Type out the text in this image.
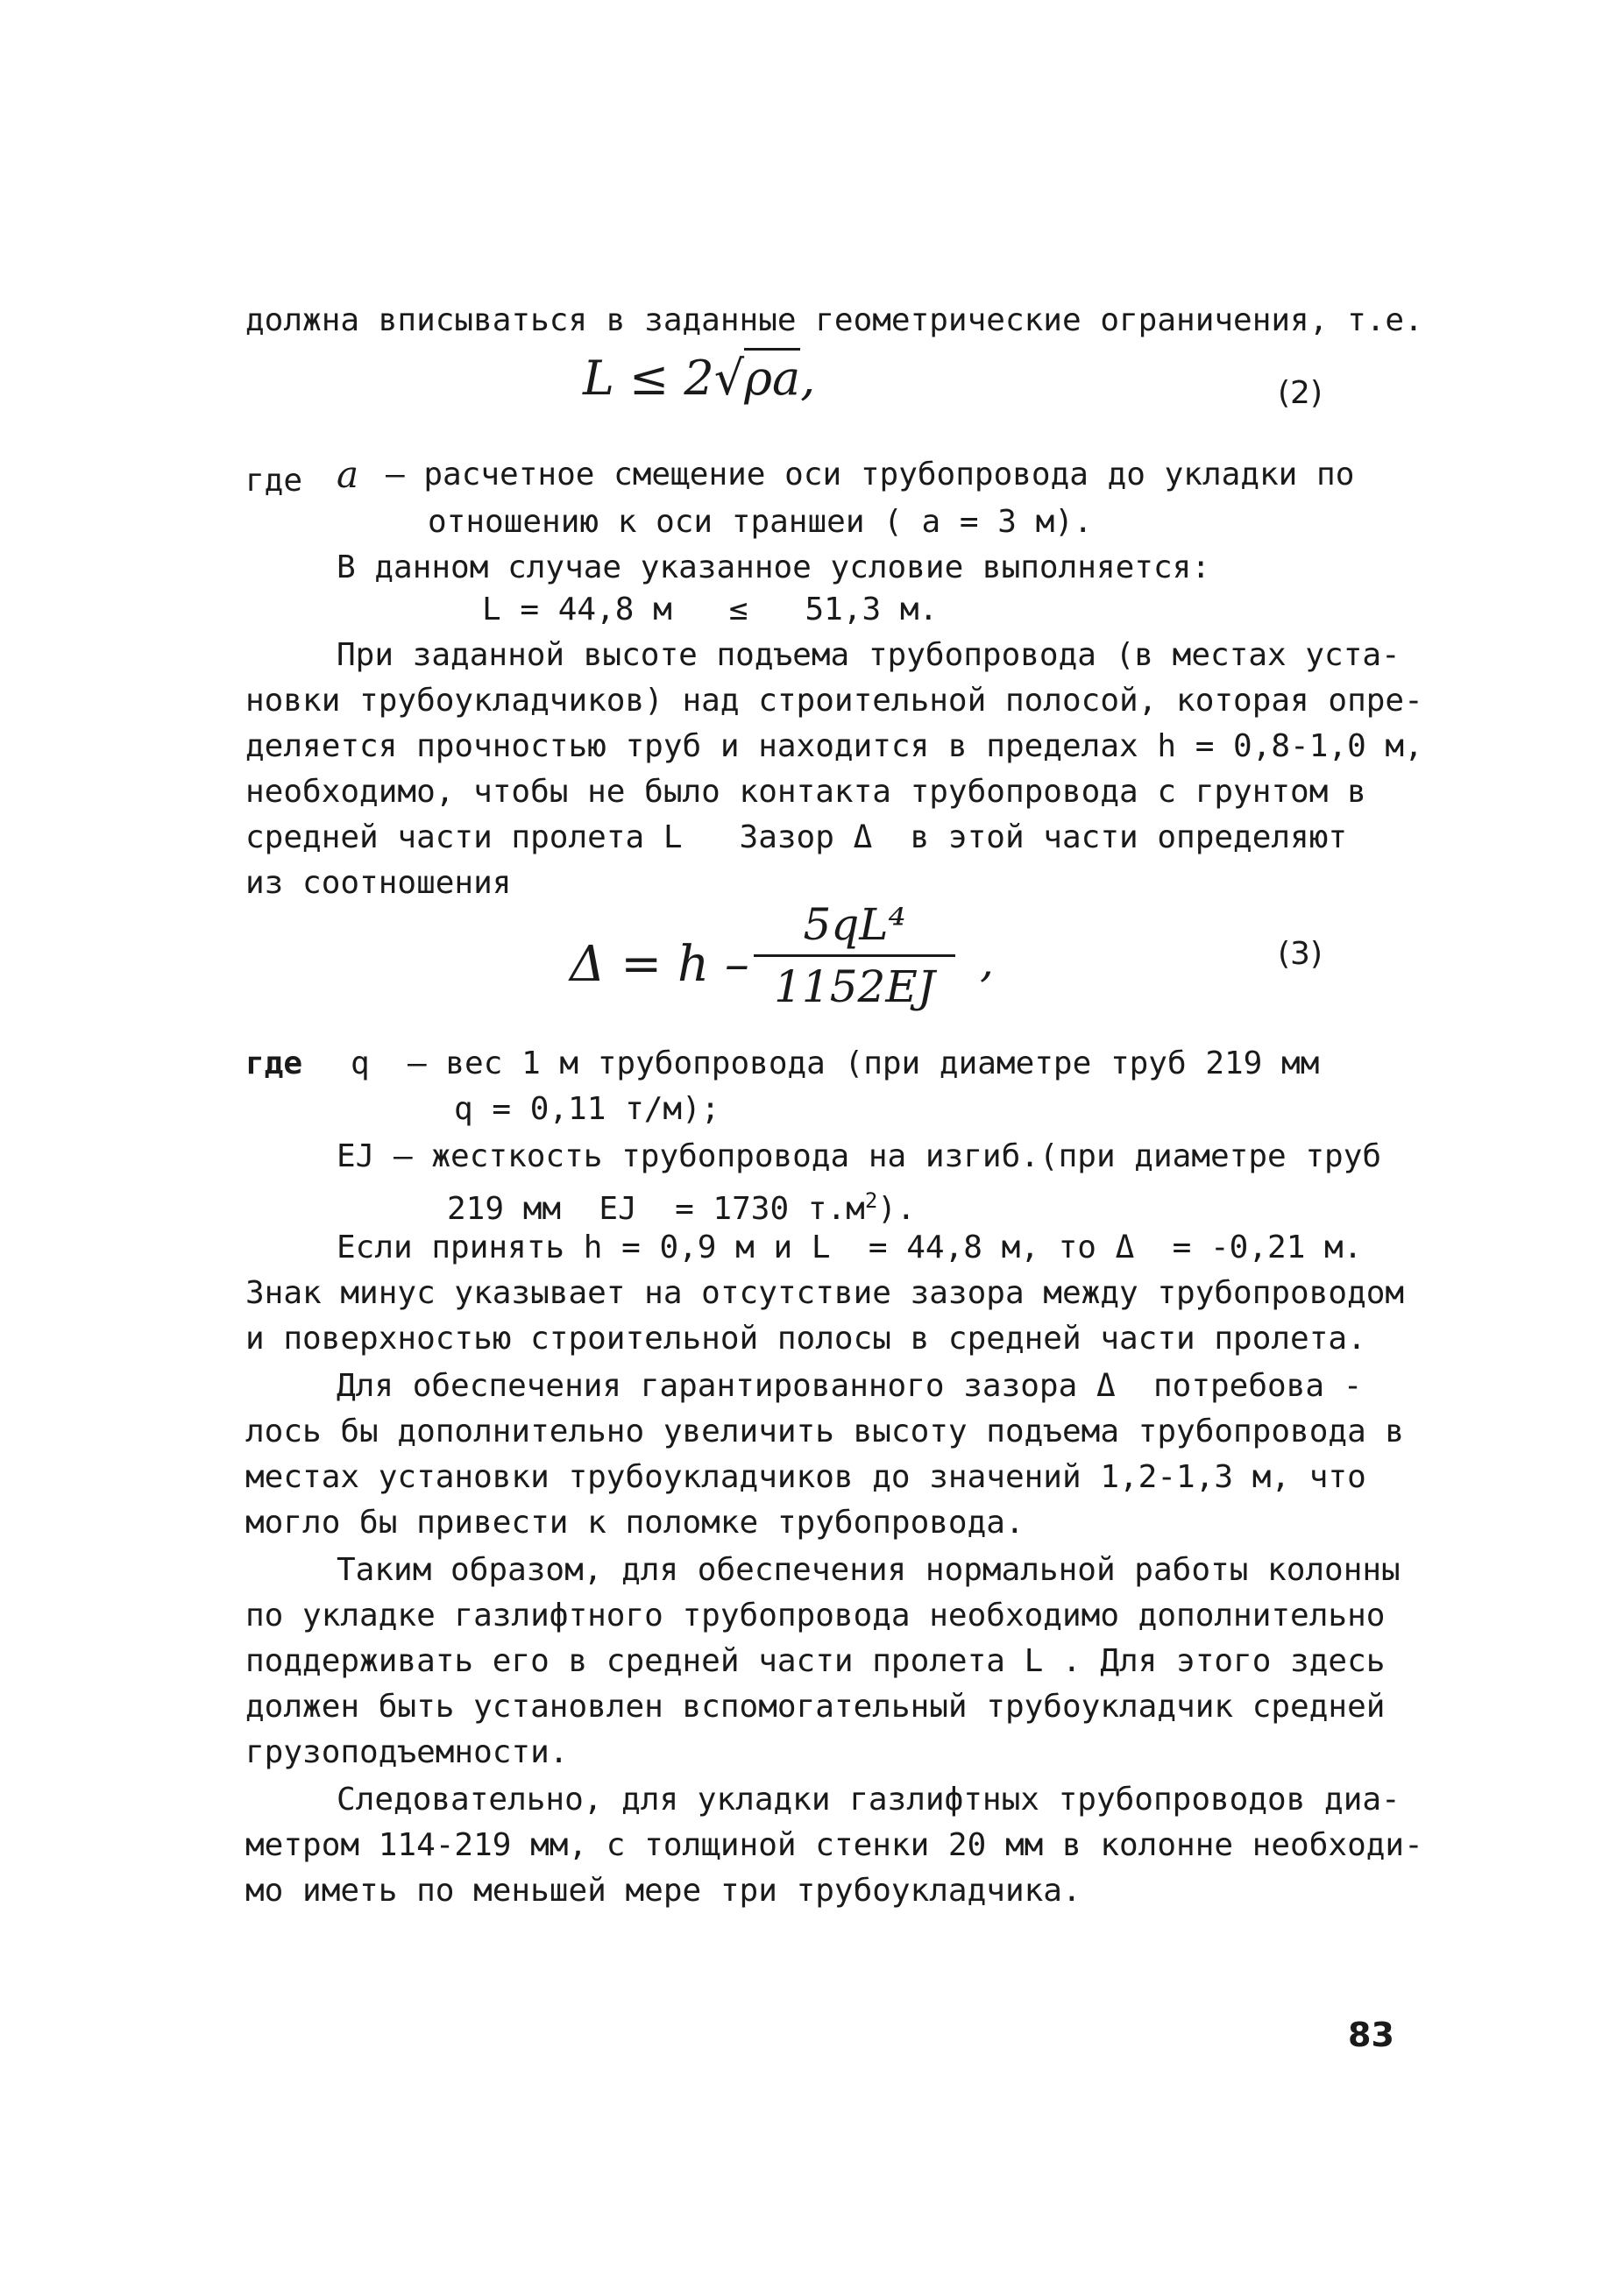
должна вписываться в заданные геометрические ограничения, т.е.
L ≤ 2√ρa,	(2)
где a – расчетное смещение оси трубопровода до укладки по
отношению к оси траншеи ( a = 3 м).
В данном случае указанное условие выполняется:
L = 44,8 м   ≤   51,3 м.
При заданной высоте подъема трубопровода (в местах уста-
новки трубоукладчиков) над строительной полосой, которая опре-
деляется прочностью труб и находится в пределах h = 0,8-1,0 м,
необходимо, чтобы не было контакта трубопровода с грунтом в
средней части пролета L   Зазор Δ  в этой части определяют
из соотношения
Δ = h –
5qL⁴
1152EJ ,	(3)
где q  – вес 1 м трубопровода (при диаметре труб 219 мм
q = 0,11 т/м);
EJ – жесткость трубопровода на изгиб.(при диаметре труб
219 мм  EJ  = 1730 $т.м^2$).
Если принять h = 0,9 м и L  = 44,8 м, то Δ  = -0,21 м.
Знак минус указывает на отсутствие зазора между трубопроводом
и поверхностью строительной полосы в средней части пролета.
Для обеспечения гарантированного зазора Δ  потребова -
лось бы дополнительно увеличить высоту подъема трубопровода в
местах установки трубоукладчиков до значений 1,2-1,3 м, что
могло бы привести к поломке трубопровода.
Таким образом, для обеспечения нормальной работы колонны
по укладке газлифтного трубопровода необходимо дополнительно
поддерживать его в средней части пролета L . Для этого здесь
должен быть установлен вспомогательный трубоукладчик средней
грузоподъемности.
Следовательно, для укладки газлифтных трубопроводов диа-
метром 114-219 мм, с толщиной стенки 20 мм в колонне необходи-
мо иметь по меньшей мере три трубоукладчика.
83
